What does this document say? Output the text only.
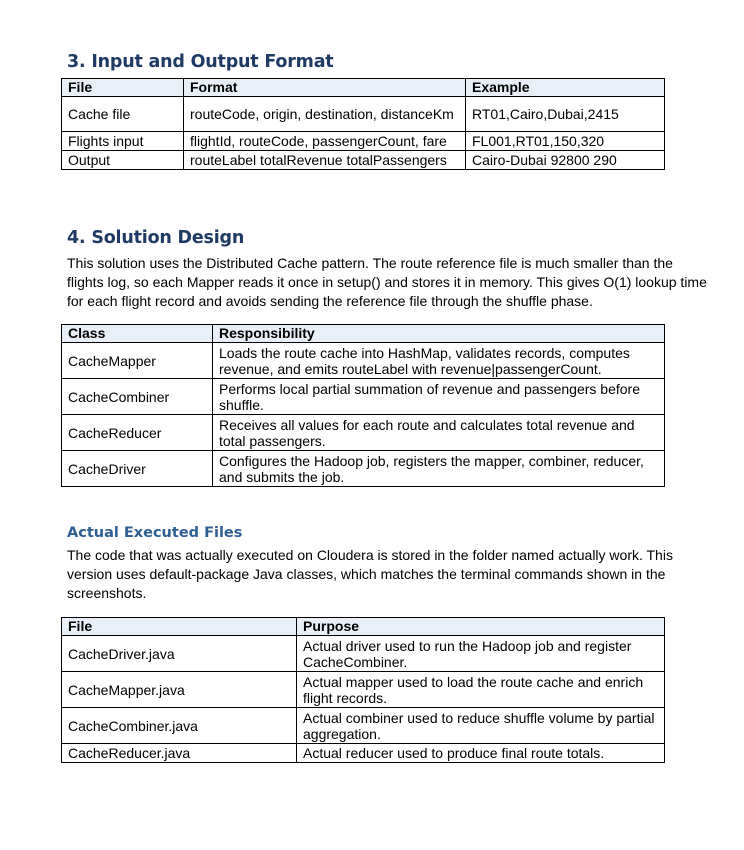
3. Input and Output Format
File	Format	Example
Cache file	routeCode, origin, destination, distanceKm	RT01,Cairo,Dubai,2415
Flights input	flightId, routeCode, passengerCount, fare	FL001,RT01,150,320
Output	routeLabel totalRevenue totalPassengers	Cairo-Dubai 92800 290
4. Solution Design

This solution uses the Distributed Cache pattern. The route reference file is much smaller than the flights log, so each Mapper reads it once in setup() and stores it in memory. This gives O(1) lookup time for each flight record and avoids sending the reference file through the shuffle phase.

Class	Responsibility
CacheMapper	Loads the route cache into HashMap, validates records, computes revenue, and emits routeLabel with revenue|passengerCount.
CacheCombiner	Performs local partial summation of revenue and passengers before shuffle.
CacheReducer	Receives all values for each route and calculates total revenue and total passengers.
CacheDriver	Configures the Hadoop job, registers the mapper, combiner, reducer, and submits the job.
Actual Executed Files

The code that was actually executed on Cloudera is stored in the folder named actually work. This version uses default-package Java classes, which matches the terminal commands shown in the screenshots.

File	Purpose
CacheDriver.java	Actual driver used to run the Hadoop job and register CacheCombiner.
CacheMapper.java	Actual mapper used to load the route cache and enrich flight records.
CacheCombiner.java	Actual combiner used to reduce shuffle volume by partial aggregation.
CacheReducer.java	Actual reducer used to produce final route totals.
